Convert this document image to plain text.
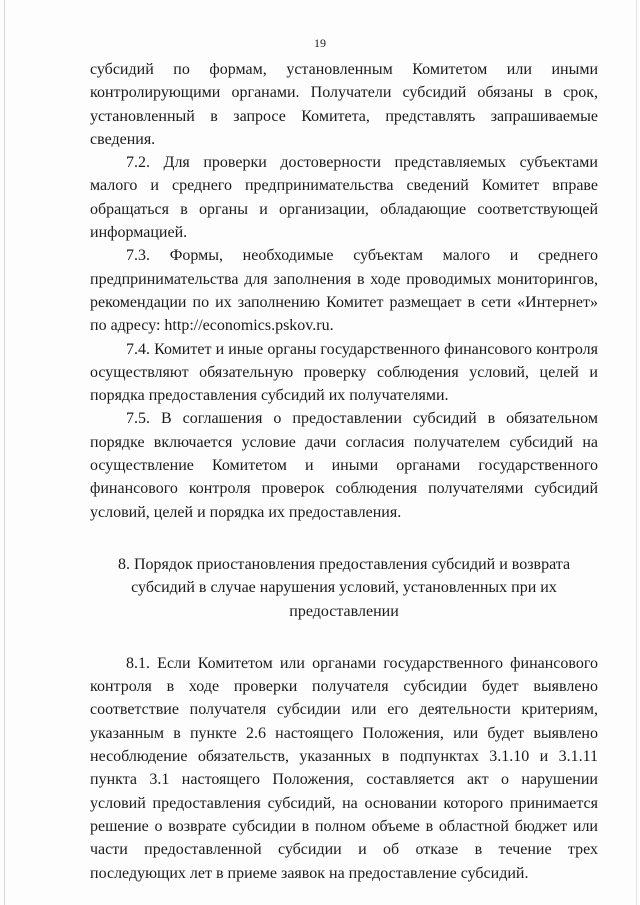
19

субсидий по формам, установленным Комитетом или иными контролирующими органами. Получатели субсидий обязаны в срок, установленный в запросе Комитета, представлять запрашиваемые сведения.

7.2. Для проверки достоверности представляемых субъектами малого и среднего предпринимательства сведений Комитет вправе обращаться в органы и организации, обладающие соответствующей информацией.

7.3. Формы, необходимые субъектам малого и среднего предпринимательства для заполнения в ходе проводимых мониторингов, рекомендации по их заполнению Комитет размещает в сети «Интернет» по адресу: http://economics.pskov.ru.

7.4. Комитет и иные органы государственного финансового контроля осуществляют обязательную проверку соблюдения условий, целей и порядка предоставления субсидий их получателями.

7.5. В соглашения о предоставлении субсидий в обязательном порядке включается условие дачи согласия получателем субсидий на осуществление Комитетом и иными органами государственного финансового контроля проверок соблюдения получателями субсидий условий, целей и порядка их предоставления.

8. Порядок приостановления предоставления субсидий и возврата
субсидий в случае нарушения условий, установленных при их
предоставлении

8.1. Если Комитетом или органами государственного финансового контроля в ходе проверки получателя субсидии будет выявлено соответствие получателя субсидии или его деятельности критериям, указанным в пункте 2.6 настоящего Положения, или будет выявлено несоблюдение обязательств, указанных в подпунктах 3.1.10 и 3.1.11 пункта 3.1 настоящего Положения, составляется акт о нарушении условий предоставления субсидий, на основании которого принимается решение о возврате субсидии в полном объеме в областной бюджет или части предоставленной субсидии и об отказе в течение трех последующих лет в приеме заявок на предоставление субсидий.
